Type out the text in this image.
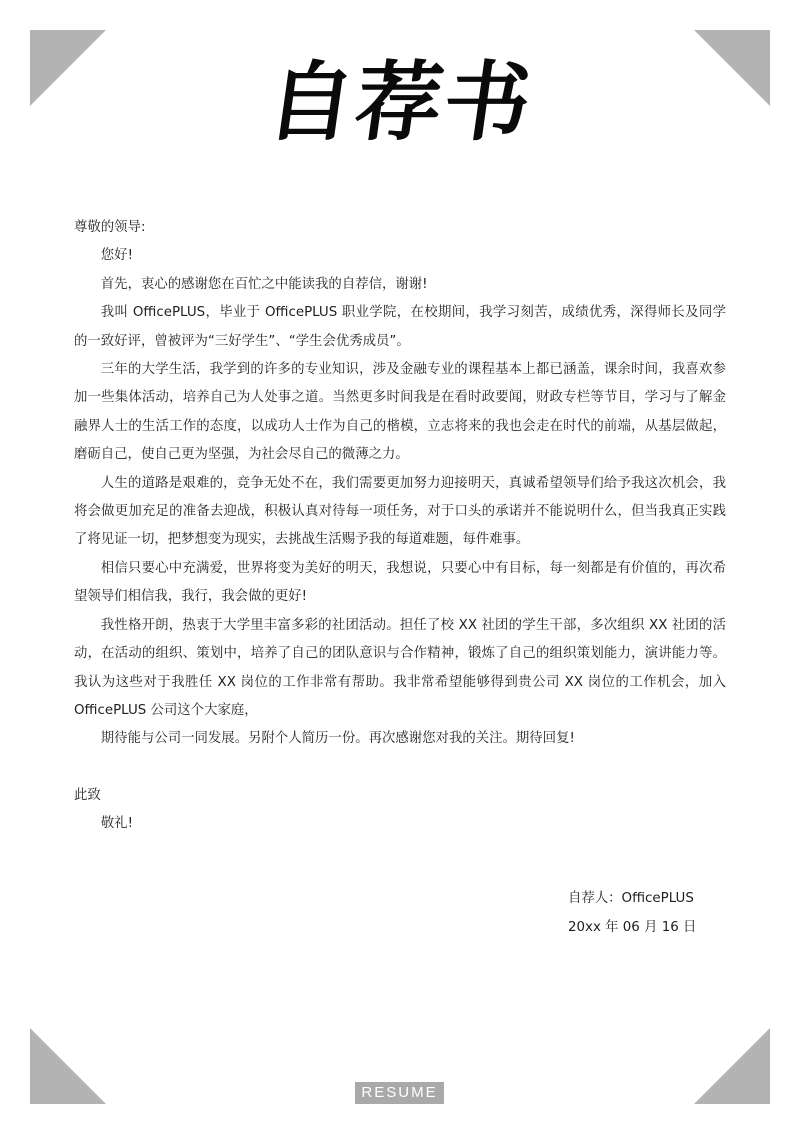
自荐书

尊敬的领导:

您好!

首先，衷心的感谢您在百忙之中能读我的自荐信，谢谢!

我叫 OfficePLUS，毕业于 OfficePLUS 职业学院，在校期间，我学习刻苦，成绩优秀，深得师长及同学的一致好评，曾被评为“三好学生”、“学生会优秀成员”。

三年的大学生活，我学到的许多的专业知识，涉及金融专业的课程基本上都已涵盖，课余时间，我喜欢参加一些集体活动，培养自己为人处事之道。当然更多时间我是在看时政要闻，财政专栏等节目，学习与了解金融界人士的生活工作的态度，以成功人士作为自己的楷模，立志将来的我也会走在时代的前端，从基层做起，磨砺自己，使自己更为坚强，为社会尽自己的微薄之力。

人生的道路是艰难的，竞争无处不在，我们需要更加努力迎接明天，真诚希望领导们给予我这次机会，我将会做更加充足的准备去迎战，积极认真对待每一项任务，对于口头的承诺并不能说明什么，但当我真正实践了将见证一切，把梦想变为现实，去挑战生活赐予我的每道难题，每件难事。

相信只要心中充满爱，世界将变为美好的明天，我想说，只要心中有目标，每一刻都是有价值的，再次希望领导们相信我，我行，我会做的更好!

我性格开朗，热衷于大学里丰富多彩的社团活动。担任了校 XX 社团的学生干部，多次组织 XX 社团的活动，在活动的组织、策划中，培养了自己的团队意识与合作精神，锻炼了自己的组织策划能力，演讲能力等。我认为这些对于我胜任 XX 岗位的工作非常有帮助。我非常希望能够得到贵公司 XX 岗位的工作机会，加入 OfficePLUS 公司这个大家庭，

期待能与公司一同发展。另附个人简历一份。再次感谢您对我的关注。期待回复!

此致

敬礼!

自荐人：OfficePLUS

20xx 年 06 月 16 日

RESUME
